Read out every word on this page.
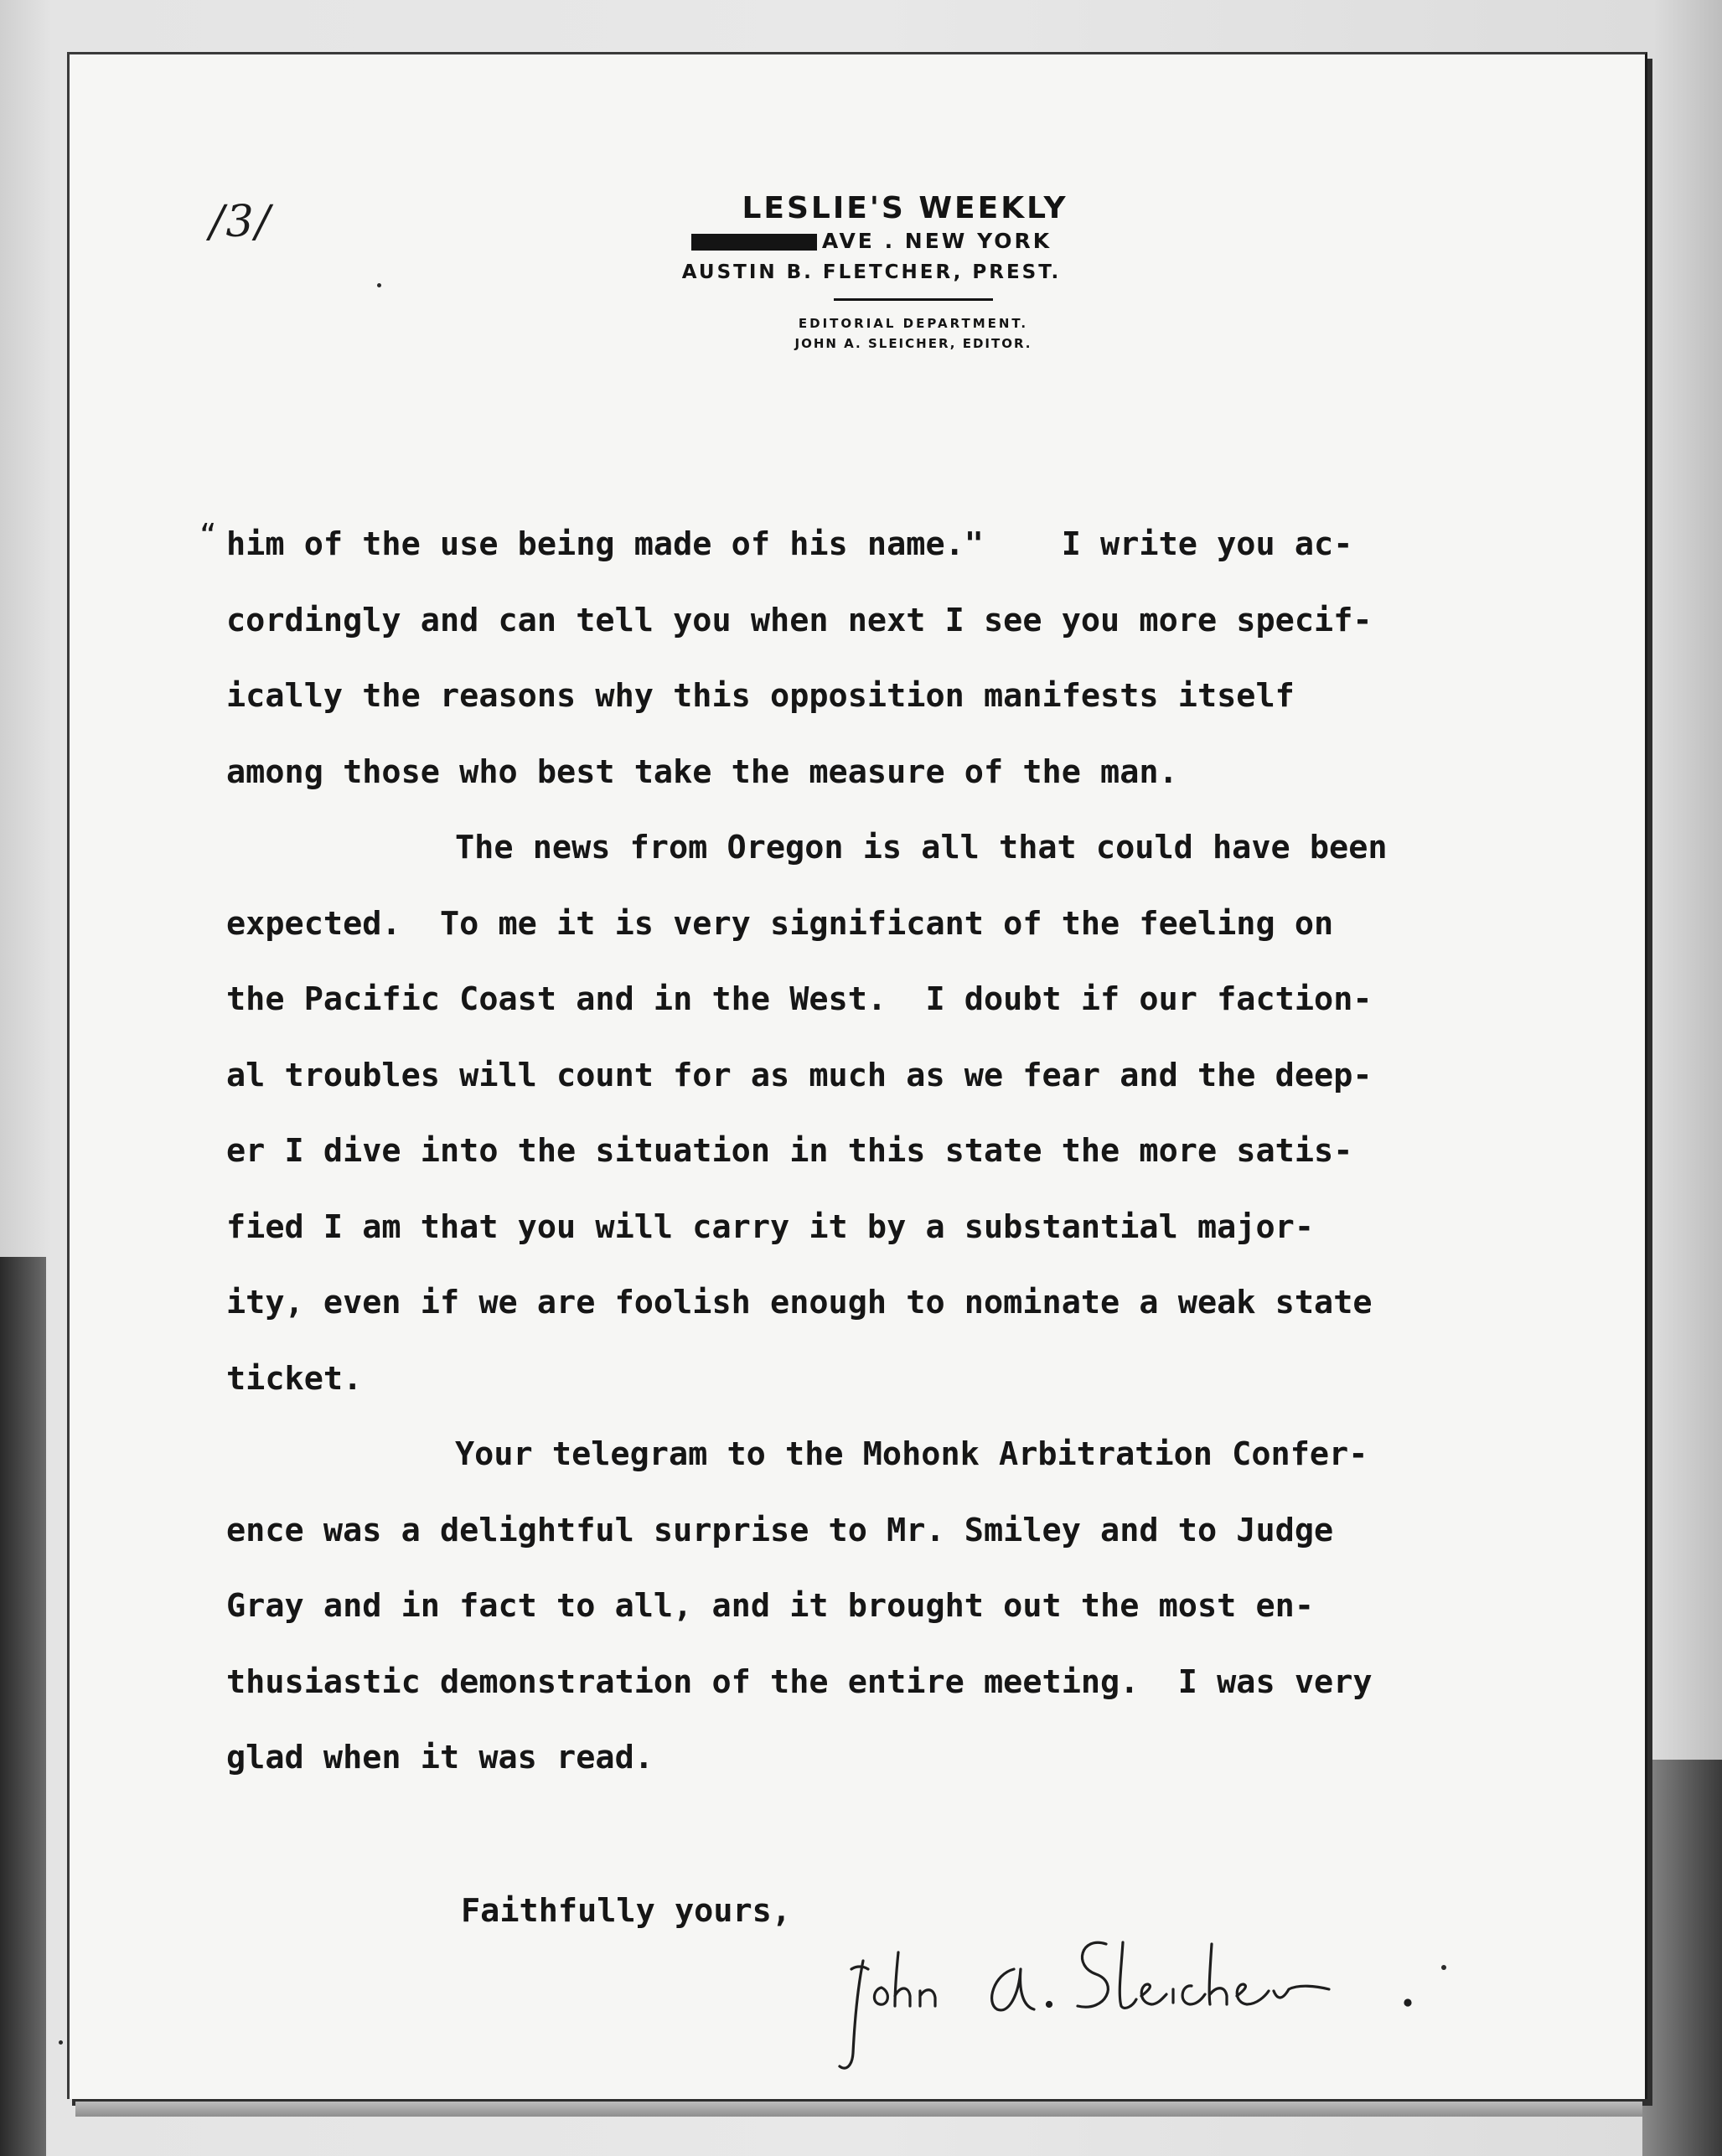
/3/	LESLIE'S WEEKLY
AVE . NEW YORK
AUSTIN B. FLETCHER, PREST.
EDITORIAL DEPARTMENT.
JOHN A. SLEICHER, EDITOR.
“ him of the use being made of his name."    I write you ac-
cordingly and can tell you when next I see you more specif-
ically the reasons why this opposition manifests itself
among those who best take the measure of the man.
The news from Oregon is all that could have been
expected.  To me it is very significant of the feeling on
the Pacific Coast and in the West.  I doubt if our faction-
al troubles will count for as much as we fear and the deep-
er I dive into the situation in this state the more satis-
fied I am that you will carry it by a substantial major-
ity, even if we are foolish enough to nominate a weak state
ticket.
Your telegram to the Mohonk Arbitration Confer-
ence was a delightful surprise to Mr. Smiley and to Judge
Gray and in fact to all, and it brought out the most en-
thusiastic demonstration of the entire meeting.  I was very
glad when it was read.
Faithfully yours,
